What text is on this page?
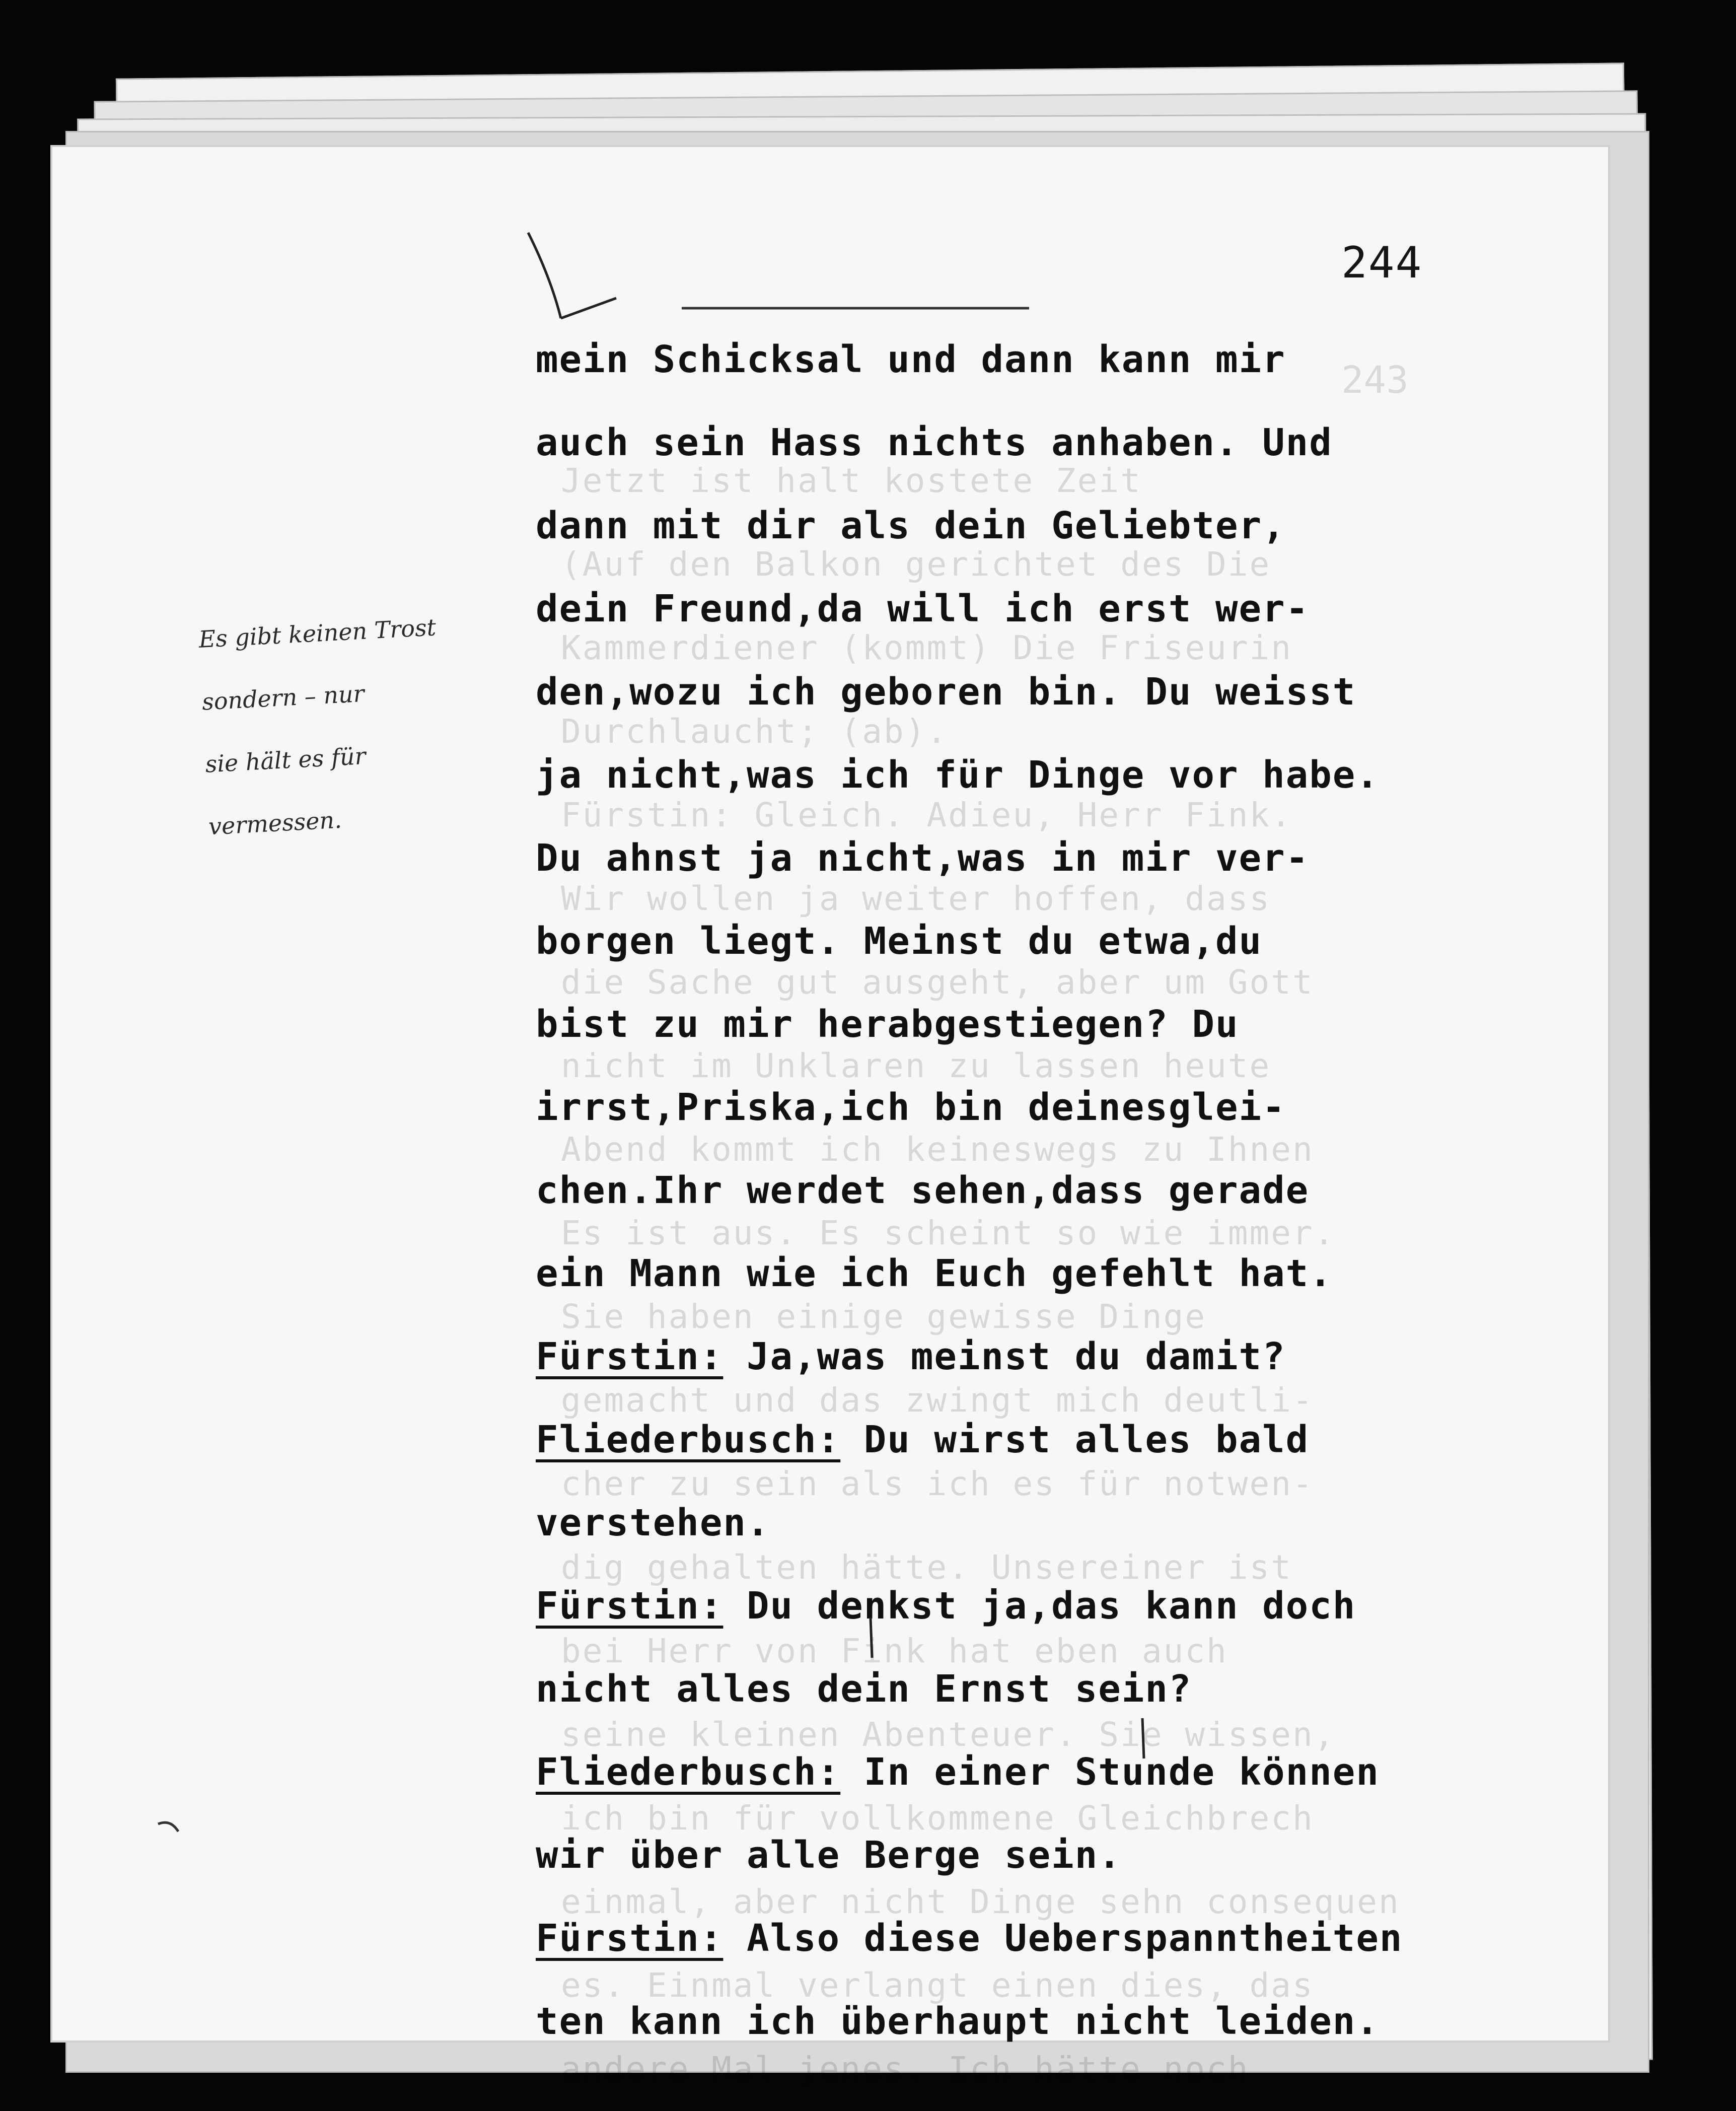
243
Jetzt ist halt kostete Zeit
(Auf den Balkon gerichtet des Die
Kammerdiener (kommt) Die Friseurin
Durchlaucht; (ab).
Fürstin: Gleich. Adieu, Herr Fink.
Wir wollen ja weiter hoffen, dass
die Sache gut ausgeht, aber um Gott
nicht im Unklaren zu lassen heute
Abend kommt ich keineswegs zu Ihnen
Es ist aus. Es scheint so wie immer.
Sie haben einige gewisse Dinge
gemacht und das zwingt mich deutli-
cher zu sein als ich es für notwen-
dig gehalten hätte. Unsereiner ist
bei Herr von Fink hat eben auch
seine kleinen Abenteuer. Sie wissen,
ich bin für vollkommene Gleichbrech
einmal, aber nicht Dinge sehn consequen
es. Einmal verlangt einen dies, das
andere Mal jenes. Ich hätte noch
244
mein Schicksal und dann kann mir
auch sein Hass nichts anhaben. Und
dann mit dir als dein Geliebter,
dein Freund,da will ich erst wer-
den,wozu ich geboren bin. Du weisst
ja nicht,was ich für Dinge vor habe.
Du ahnst ja nicht,was in mir ver-
borgen liegt. Meinst du etwa,du
bist zu mir herabgestiegen? Du
irrst,Priska,ich bin deinesglei-
chen.Ihr werdet sehen,dass gerade
ein Mann wie ich Euch gefehlt hat.
Fürstin: Ja,was meinst du damit?
Fliederbusch: Du wirst alles bald
verstehen.
Fürstin: Du denkst ja,das kann doch
nicht alles dein Ernst sein?
Fliederbusch: In einer Stunde können
wir über alle Berge sein.
Fürstin: Also diese Ueberspanntheiten
ten kann ich überhaupt nicht leiden.
Es gibt keinen Trost
sondern – nur
sie hält es für
vermessen.
